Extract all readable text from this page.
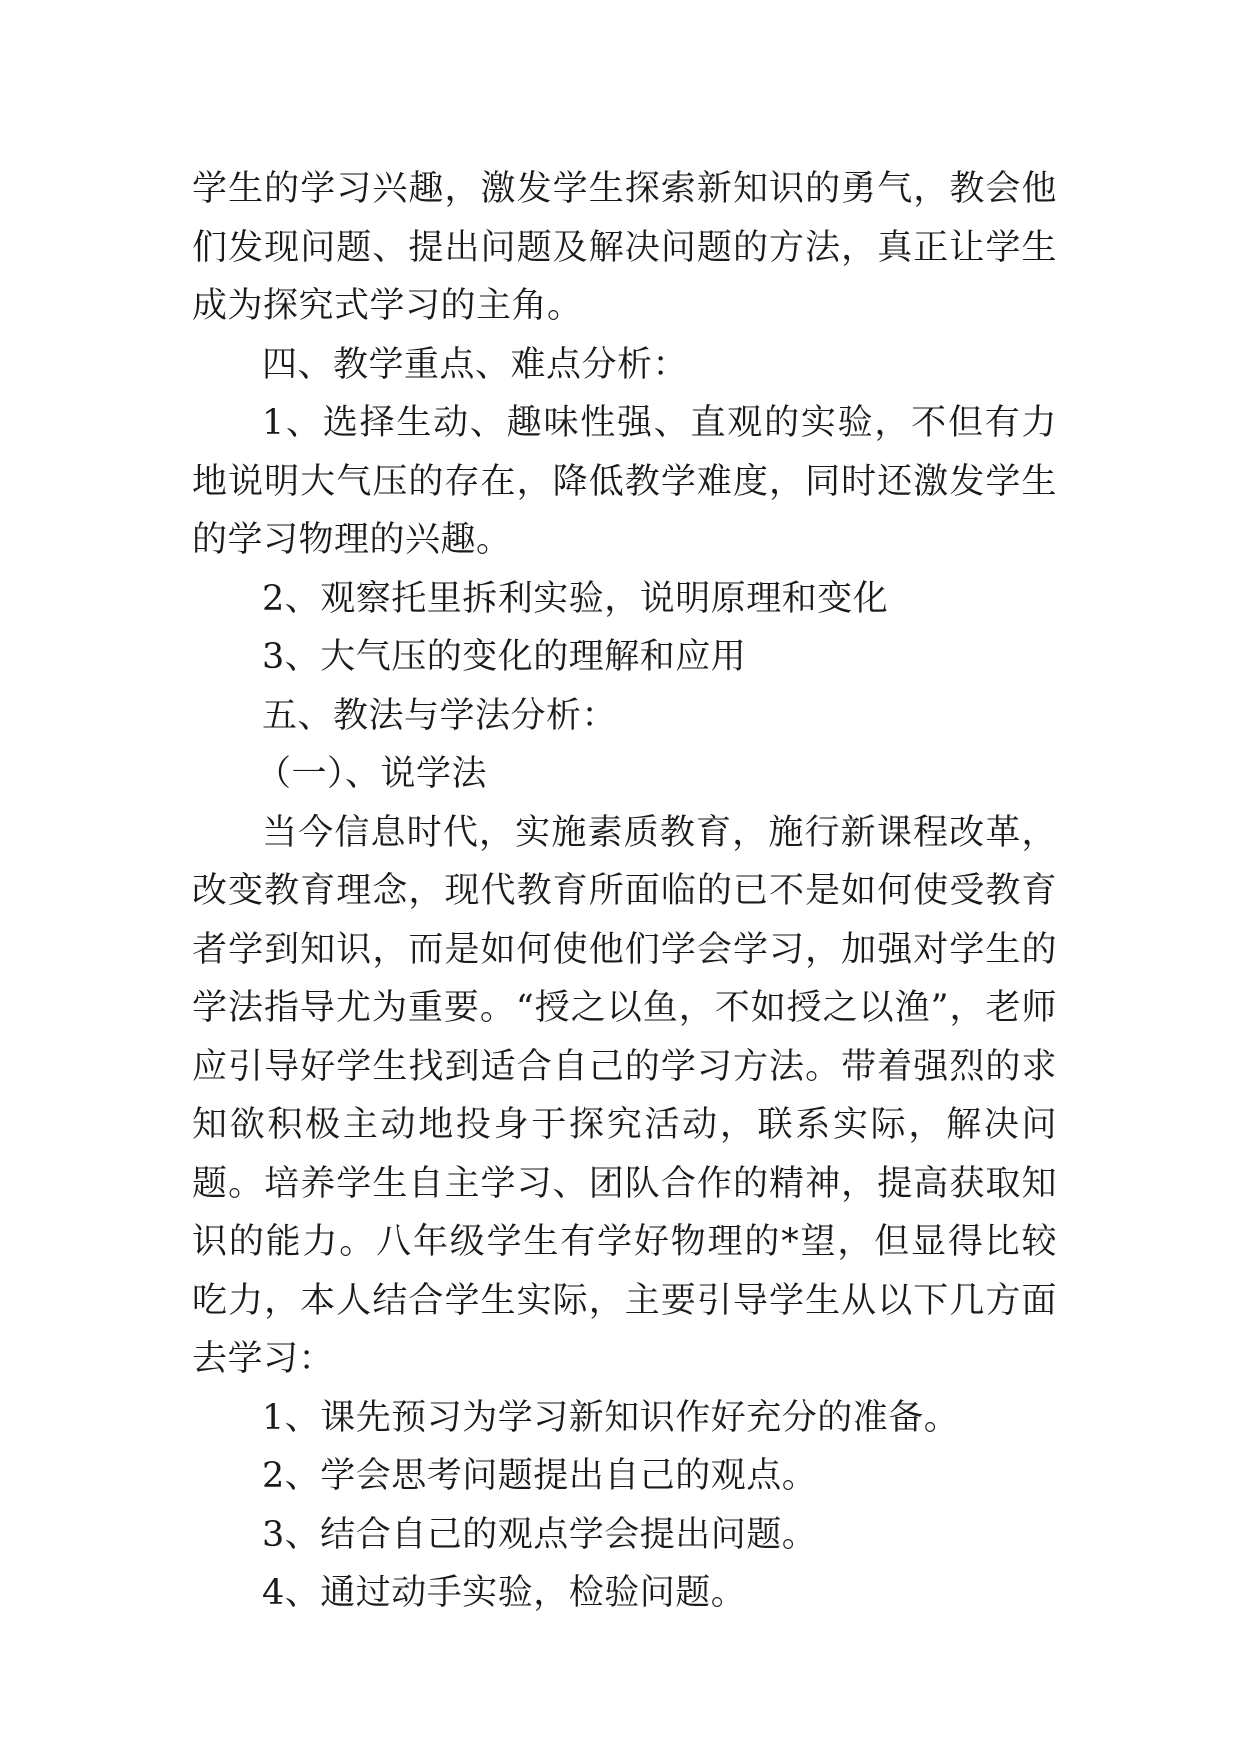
学生的学习兴趣，激发学生探索新知识的勇气，教会他们发现问题、提出问题及解决问题的方法，真正让学生成为探究式学习的主角。

四、教学重点、难点分析：

1、选择生动、趣味性强、直观的实验，不但有力地说明大气压的存在，降低教学难度，同时还激发学生的学习物理的兴趣。

2、观察托里拆利实验，说明原理和变化

3、大气压的变化的理解和应用

五、教法与学法分析：

（一）、说学法

当今信息时代，实施素质教育，施行新课程改革，改变教育理念，现代教育所面临的已不是如何使受教育者学到知识，而是如何使他们学会学习，加强对学生的学法指导尤为重要。“授之以鱼，不如授之以渔”，老师应引导好学生找到适合自己的学习方法。带着强烈的求知欲积极主动地投身于探究活动，联系实际，解决问题。培养学生自主学习、团队合作的精神，提高获取知识的能力。八年级学生有学好物理的*望，但显得比较吃力，本人结合学生实际，主要引导学生从以下几方面去学习：

1、课先预习为学习新知识作好充分的准备。

2、学会思考问题提出自己的观点。

3、结合自己的观点学会提出问题。

4、通过动手实验，检验问题。
